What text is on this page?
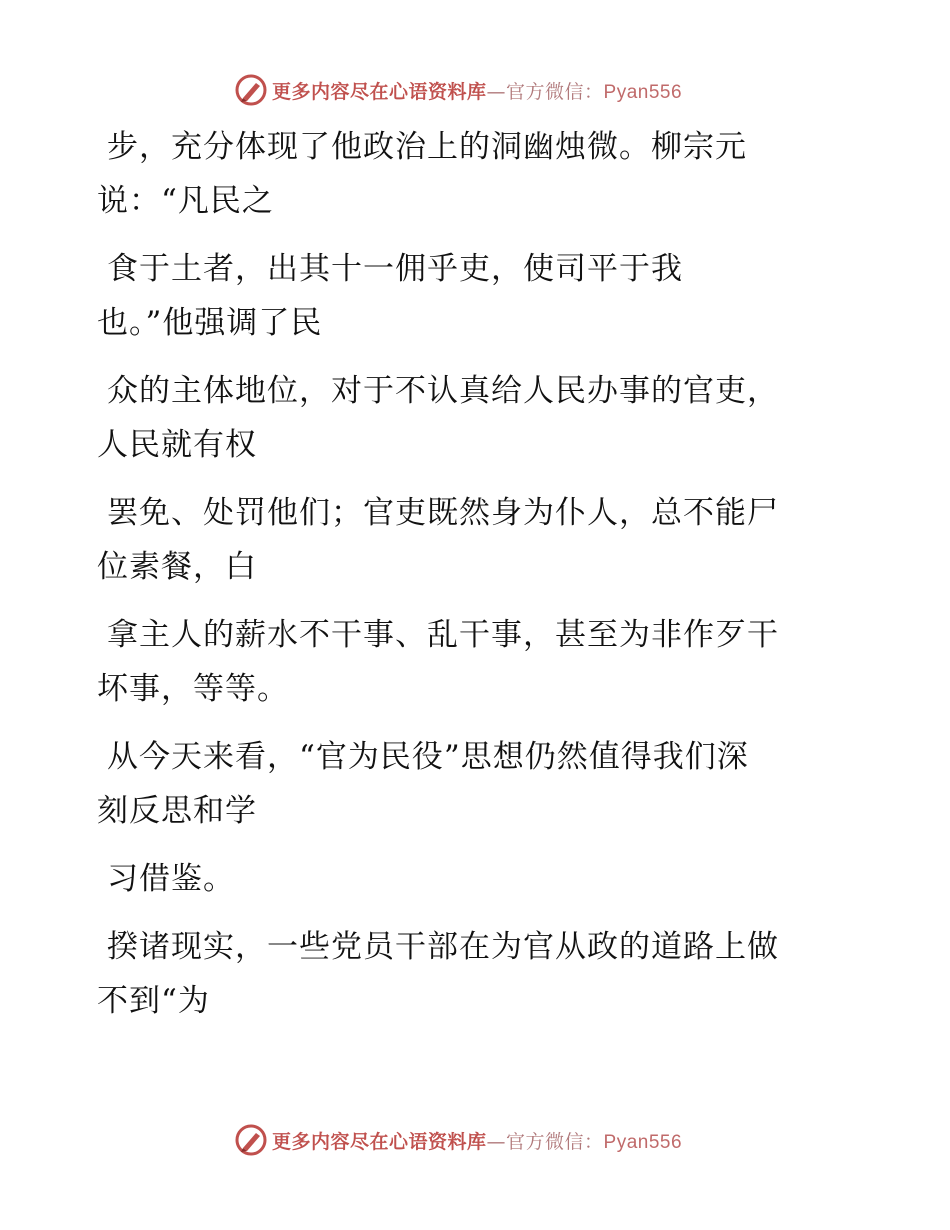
更多内容尽在心语资料库—官方微信：Pyan556

步，充分体现了他政治上的洞幽烛微。柳宗元
说：“凡民之

食于土者，出其十一佣乎吏，使司平于我
也。”他强调了民

众的主体地位，对于不认真给人民办事的官吏，
人民就有权

罢免、处罚他们；官吏既然身为仆人，总不能尸
位素餐，白

拿主人的薪水不干事、乱干事，甚至为非作歹干
坏事，等等。

从今天来看，“官为民役”思想仍然值得我们深
刻反思和学

习借鉴。

揆诸现实，一些党员干部在为官从政的道路上做
不到“为

更多内容尽在心语资料库—官方微信：Pyan556
